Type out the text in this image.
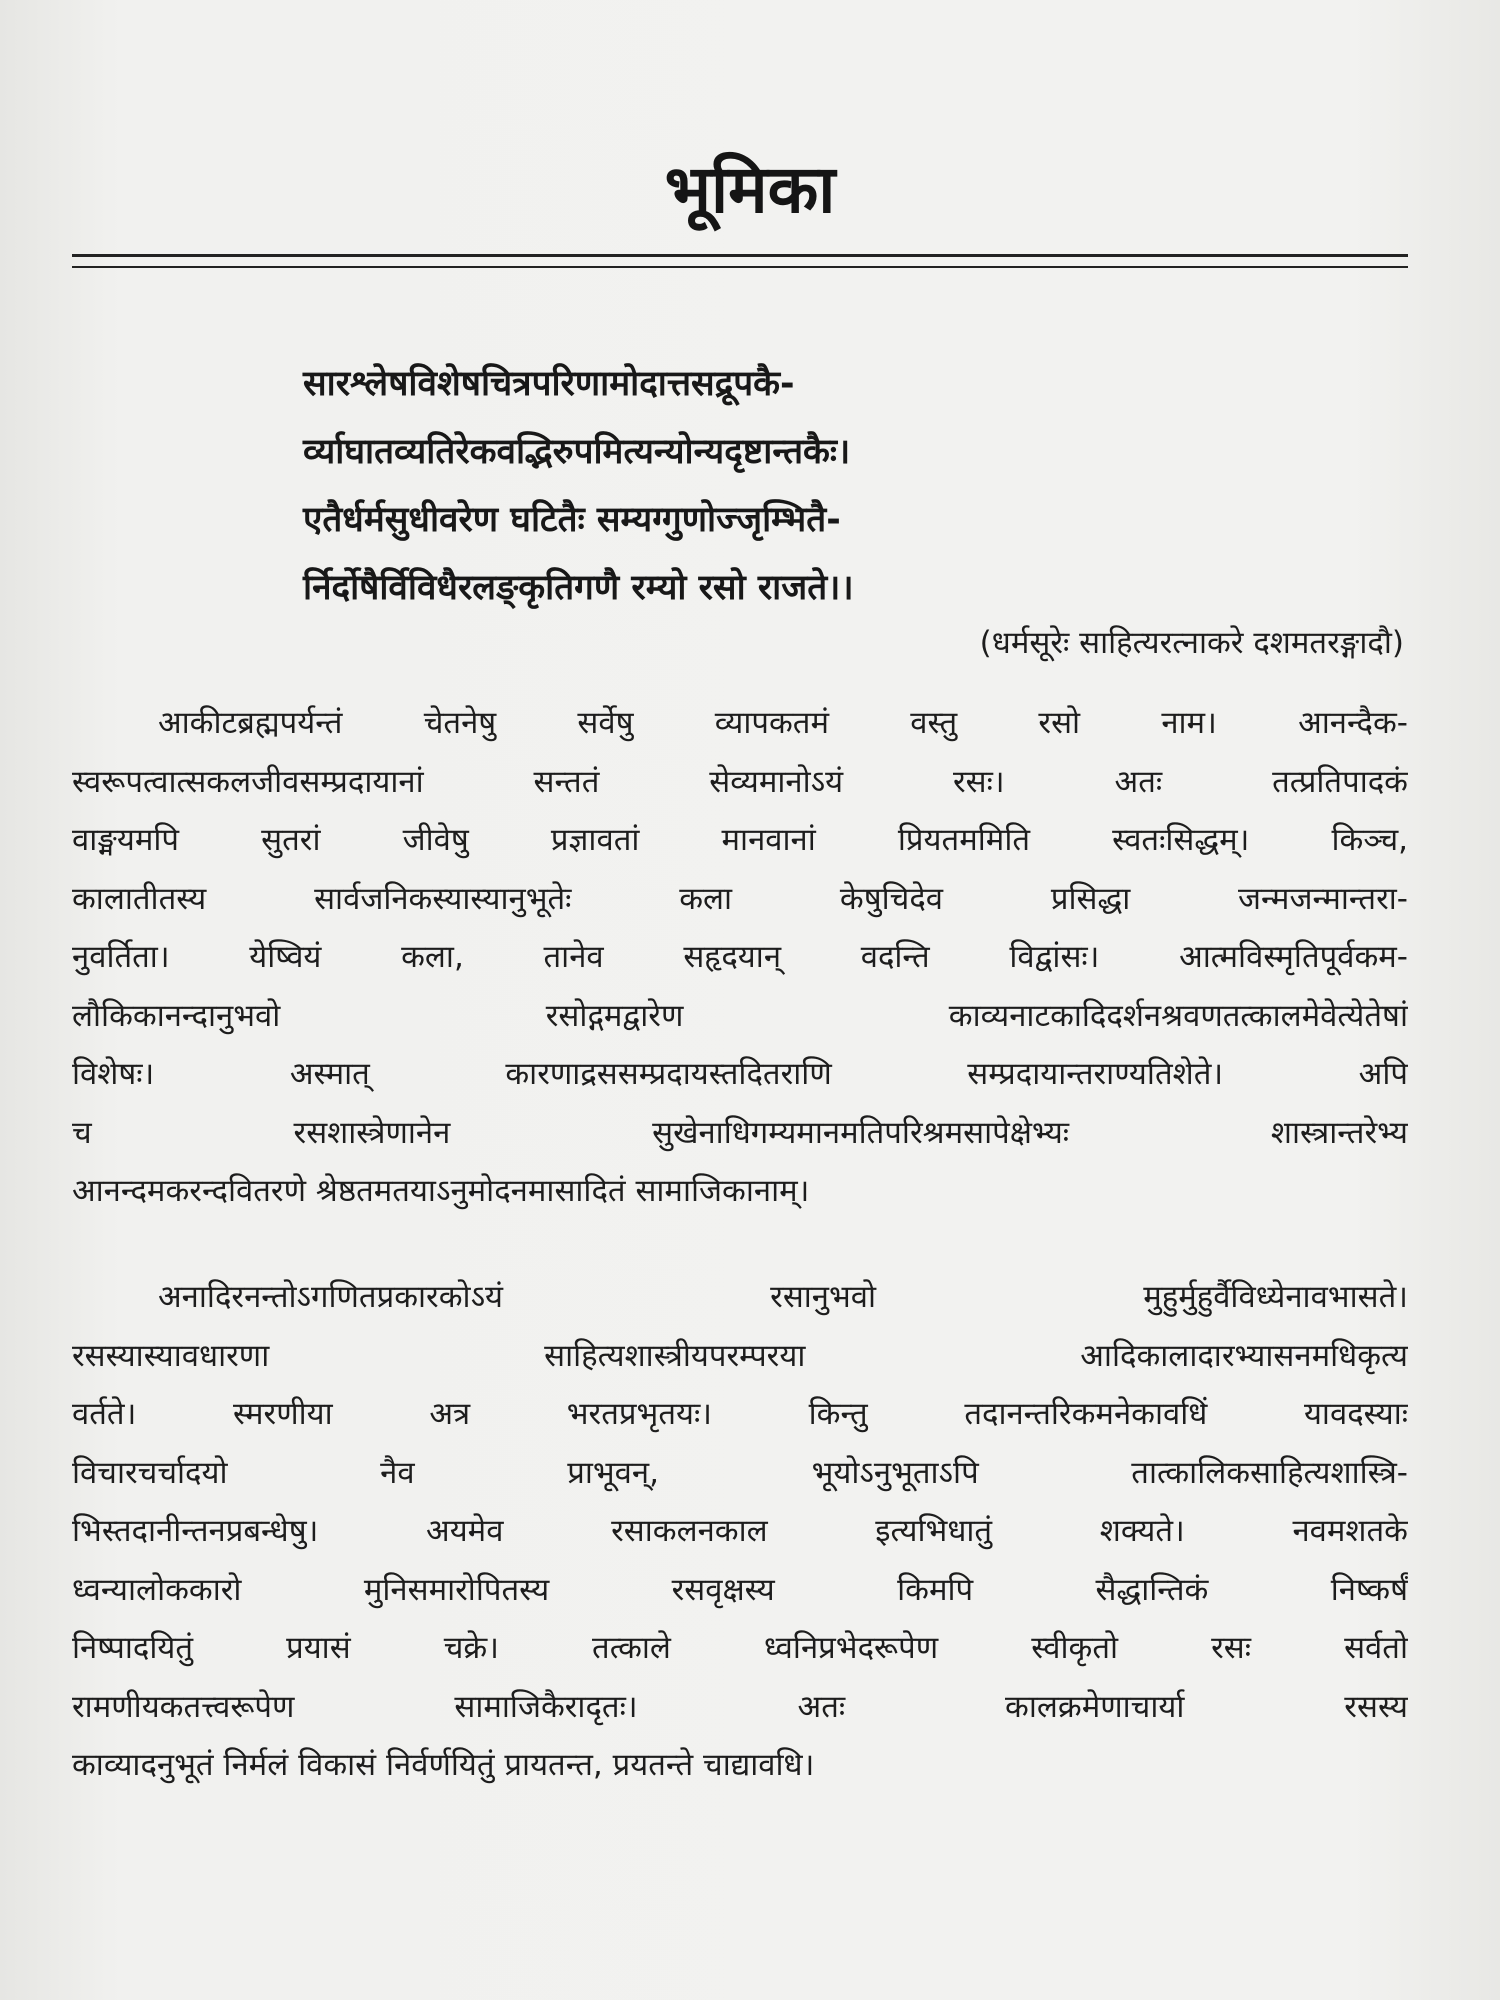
भूमिका
सारश्लेषविशेषचित्रपरिणामोदात्तसद्रूपकै-
र्व्याघातव्यतिरेकवद्भिरुपमित्यन्योन्यदृष्टान्तकैः।
एतैर्धर्मसुधीवरेण घटितैः सम्यग्गुणोज्जृम्भितै-
र्निर्दोषैर्विविधैरलङ्कृतिगणै रम्यो रसो राजते।।
(धर्मसूरेः साहित्यरत्नाकरे दशमतरङ्गादौ)
आकीटब्रह्मपर्यन्तं चेतनेषु सर्वेषु व्यापकतमं वस्तु रसो नाम। आनन्दैक-
स्वरूपत्वात्सकलजीवसम्प्रदायानां सन्ततं सेव्यमानोऽयं रसः। अतः तत्प्रतिपादकं
वाङ्मयमपि सुतरां जीवेषु प्रज्ञावतां मानवानां प्रियतममिति स्वतःसिद्धम्। किञ्च,
कालातीतस्य सार्वजनिकस्यास्यानुभूतेः कला केषुचिदेव प्रसिद्धा जन्मजन्मान्तरा-
नुवर्तिता। येष्वियं कला, तानेव सहृदयान् वदन्ति विद्वांसः। आत्मविस्मृतिपूर्वकम-
लौकिकानन्दानुभवो रसोद्गमद्वारेण काव्यनाटकादिदर्शनश्रवणतत्कालमेवेत्येतेषां
विशेषः। अस्मात् कारणाद्रससम्प्रदायस्तदितराणि सम्प्रदायान्तराण्यतिशेते। अपि
च रसशास्त्रेणानेन सुखेनाधिगम्यमानमतिपरिश्रमसापेक्षेभ्यः शास्त्रान्तरेभ्य
आनन्दमकरन्दवितरणे श्रेष्ठतमतयाऽनुमोदनमासादितं सामाजिकानाम्।
अनादिरनन्तोऽगणितप्रकारकोऽयं रसानुभवो मुहुर्मुहुर्वैविध्येनावभासते।
रसस्यास्यावधारणा साहित्यशास्त्रीयपरम्परया आदिकालादारभ्यासनमधिकृत्य
वर्तते। स्मरणीया अत्र भरतप्रभृतयः। किन्तु तदानन्तरिकमनेकावधिं यावदस्याः
विचारचर्चादयो नैव प्राभूवन्, भूयोऽनुभूताऽपि तात्कालिकसाहित्यशास्त्रि-
भिस्तदानीन्तनप्रबन्धेषु। अयमेव रसाकलनकाल इत्यभिधातुं शक्यते। नवमशतके
ध्वन्यालोककारो मुनिसमारोपितस्य रसवृक्षस्य किमपि सैद्धान्तिकं निष्कर्षं
निष्पादयितुं प्रयासं चक्रे। तत्काले ध्वनिप्रभेदरूपेण स्वीकृतो रसः सर्वतो
रामणीयकतत्त्वरूपेण सामाजिकैरादृतः। अतः कालक्रमेणाचार्या रसस्य
काव्यादनुभूतं निर्मलं विकासं निर्वर्णयितुं प्रायतन्त, प्रयतन्ते चाद्यावधि।
